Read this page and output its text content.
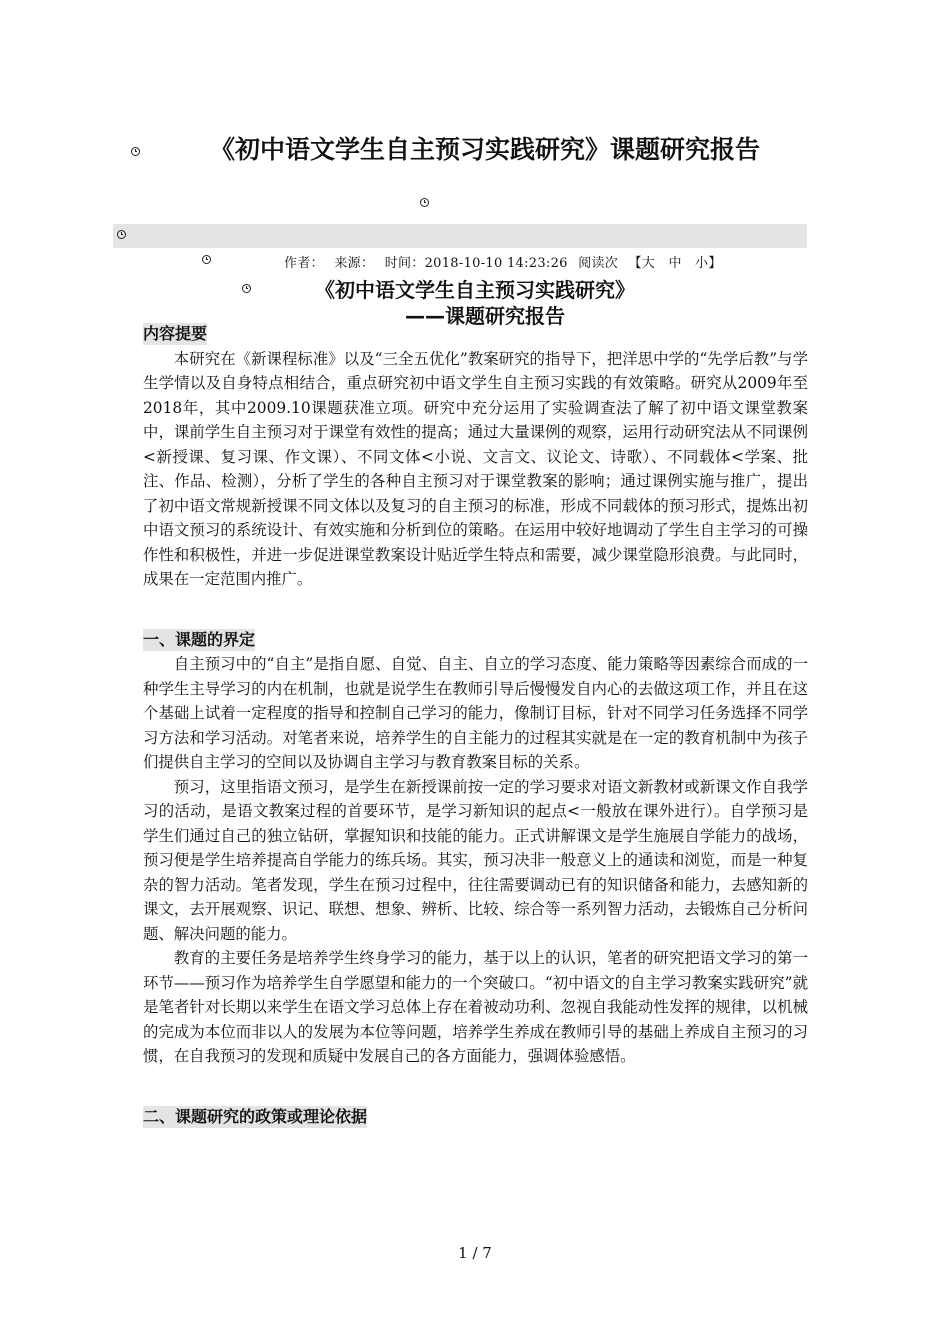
《初中语文学生自主预习实践研究》课题研究报告
作者： 来源： 时间：2018-10-10 14:23:26 阅读次 【大　中　小】
《初中语文学生自主预习实践研究》
——课题研究报告
内容提要

本研究在《新课程标准》以及“三全五优化”教案研究的指导下，把洋思中学的“先学后教”与学生学情以及自身特点相结合，重点研究初中语文学生自主预习实践的有效策略。研究从2009年至2018年，其中2009.10课题获准立项。研究中充分运用了实验调查法了解了初中语文课堂教案中，课前学生自主预习对于课堂有效性的提高；通过大量课例的观察，运用行动研究法从不同课例<新授课、复习课、作文课）、不同文体<小说、文言文、议论文、诗歌）、不同载体<学案、批注、作品、检测），分析了学生的各种自主预习对于课堂教案的影响；通过课例实施与推广，提出了初中语文常规新授课不同文体以及复习的自主预习的标准，形成不同载体的预习形式，提炼出初中语文预习的系统设计、有效实施和分析到位的策略。在运用中较好地调动了学生自主学习的可操作性和积极性，并进一步促进课堂教案设计贴近学生特点和需要，减少课堂隐形浪费。与此同时，成果在一定范围内推广。

一、课题的界定

自主预习中的“自主”是指自愿、自觉、自主、自立的学习态度、能力策略等因素综合而成的一种学生主导学习的内在机制，也就是说学生在教师引导后慢慢发自内心的去做这项工作，并且在这个基础上试着一定程度的指导和控制自己学习的能力，像制订目标，针对不同学习任务选择不同学习方法和学习活动。对笔者来说，培养学生的自主能力的过程其实就是在一定的教育机制中为孩子们提供自主学习的空间以及协调自主学习与教育教案目标的关系。

预习，这里指语文预习，是学生在新授课前按一定的学习要求对语文新教材或新课文作自我学习的活动，是语文教案过程的首要环节，是学习新知识的起点<一般放在课外进行）。自学预习是学生们通过自己的独立钻研，掌握知识和技能的能力。正式讲解课文是学生施展自学能力的战场，预习便是学生培养提高自学能力的练兵场。其实，预习决非一般意义上的通读和浏览，而是一种复杂的智力活动。笔者发现，学生在预习过程中，往往需要调动已有的知识储备和能力，去感知新的课文，去开展观察、识记、联想、想象、辨析、比较、综合等一系列智力活动，去锻炼自己分析问题、解决问题的能力。

教育的主要任务是培养学生终身学习的能力，基于以上的认识，笔者的研究把语文学习的第一环节——预习作为培养学生自学愿望和能力的一个突破口。“初中语文的自主学习教案实践研究”就是笔者针对长期以来学生在语文学习总体上存在着被动功利、忽视自我能动性发挥的规律，以机械的完成为本位而非以人的发展为本位等问题，培养学生养成在教师引导的基础上养成自主预习的习惯，在自我预习的发现和质疑中发展自己的各方面能力，强调体验感悟。

二、课题研究的政策或理论依据
1 / 7
